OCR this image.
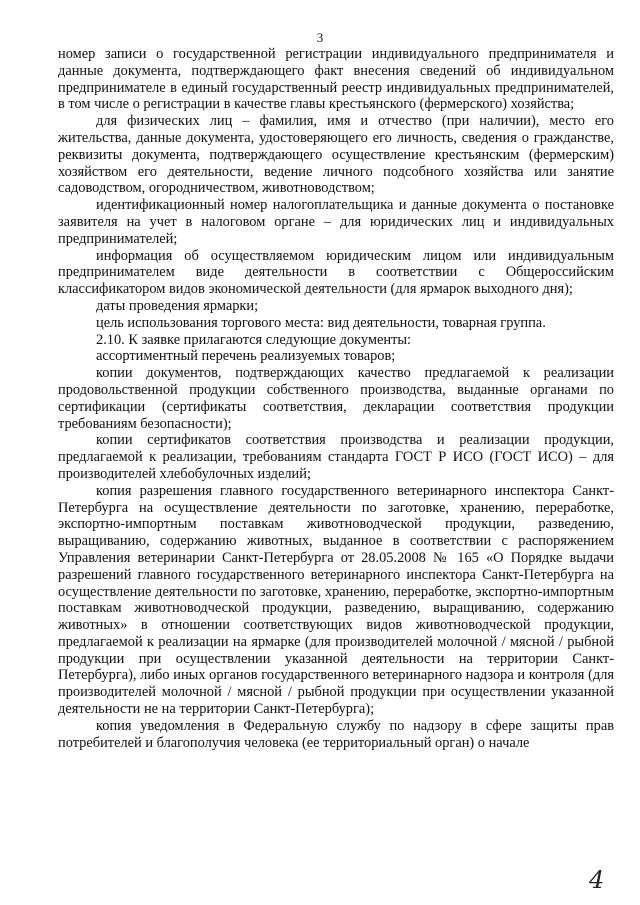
3

номер записи о государственной регистрации индивидуального предпринимателя и данные документа, подтверждающего факт внесения сведений об индивидуальном предпринимателе в единый государственный реестр индивидуальных предпринимателей, в том числе о регистрации в качестве главы крестьянского (фермерского) хозяйства;

для физических лиц – фамилия, имя и отчество (при наличии), место его жительства, данные документа, удостоверяющего его личность, сведения о гражданстве, реквизиты документа, подтверждающего осуществление крестьянским (фермерским) хозяйством его деятельности, ведение личного подсобного хозяйства или занятие садоводством, огородничеством, животноводством;

идентификационный номер налогоплательщика и данные документа о постановке заявителя на учет в налоговом органе – для юридических лиц и индивидуальных предпринимателей;

информация об осуществляемом юридическим лицом или индивидуальным предпринимателем виде деятельности в соответствии с Общероссийским классификатором видов экономической деятельности (для ярмарок выходного дня);

даты проведения ярмарки;

цель использования торгового места: вид деятельности, товарная группа.

2.10. К заявке прилагаются следующие документы:

ассортиментный перечень реализуемых товаров;

копии документов, подтверждающих качество предлагаемой к реализации продовольственной продукции собственного производства, выданные органами по сертификации (сертификаты соответствия, декларации соответствия продукции требованиям безопасности);

копии сертификатов соответствия производства и реализации продукции, предлагаемой к реализации, требованиям стандарта ГОСТ Р ИСО (ГОСТ ИСО) – для производителей хлебобулочных изделий;

копия разрешения главного государственного ветеринарного инспектора Санкт-Петербурга на осуществление деятельности по заготовке, хранению, переработке, экспортно-импортным поставкам животноводческой продукции, разведению, выращиванию, содержанию животных, выданное в соответствии с распоряжением Управления ветеринарии Санкт-Петербурга от 28.05.2008 № 165 «О Порядке выдачи разрешений главного государственного ветеринарного инспектора Санкт-Петербурга на осуществление деятельности по заготовке, хранению, переработке, экспортно-импортным поставкам животноводческой продукции, разведению, выращиванию, содержанию животных» в отношении соответствующих видов животноводческой продукции, предлагаемой к реализации на ярмарке (для производителей молочной / мясной / рыбной продукции при осуществлении указанной деятельности на территории Санкт-Петербурга), либо иных органов государственного ветеринарного надзора и контроля (для производителей молочной / мясной / рыбной продукции при осуществлении указанной деятельности не на территории Санкт-Петербурга);

копия уведомления в Федеральную службу по надзору в сфере защиты прав потребителей и благополучия человека (ее территориальный орган) о начале

4
